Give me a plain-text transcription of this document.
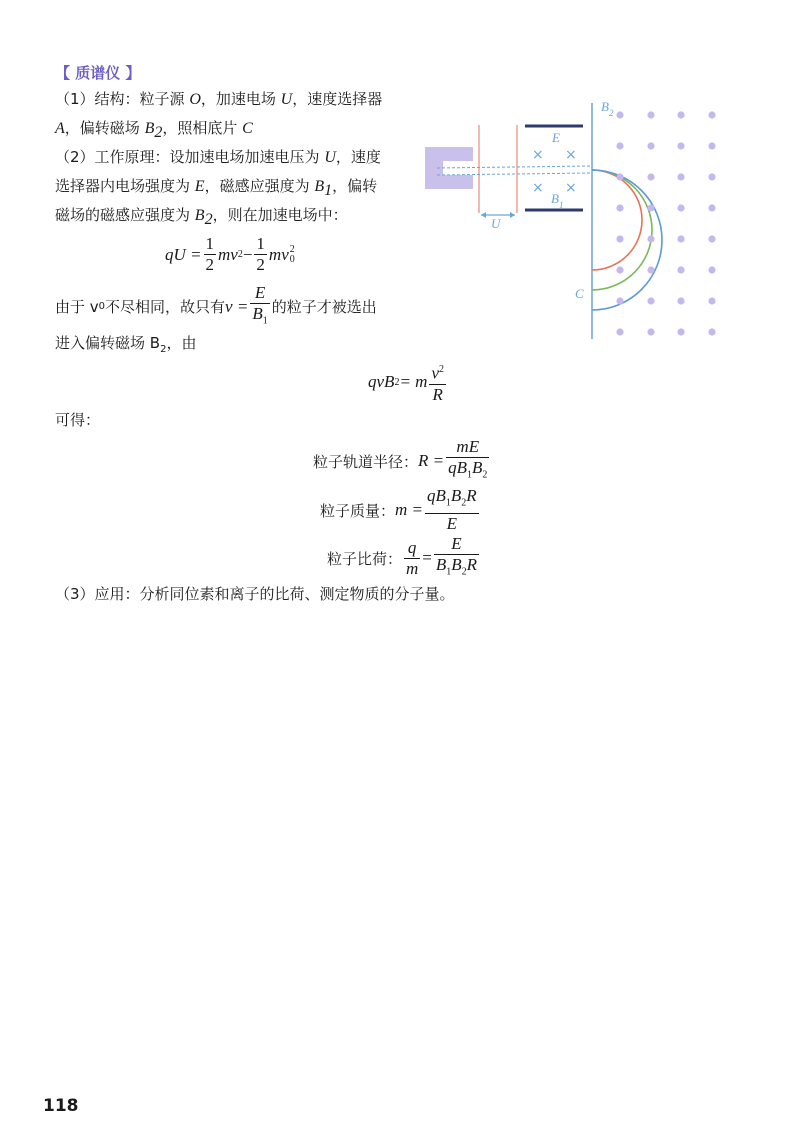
【 质谱仪 】
（1）结构：粒子源 O，加速电场 U，速度选择器
A，偏转磁场 $B_2$，照相底片 C
（2）工作原理：设加速电场加速电压为 U，速度
选择器内电场强度为 E，磁感应强度为 $B_1$，偏转
磁场的磁感应强度为 $B_2$，则在加速电场中：
qU = $\frac{1}{2}$ mv $2 - \frac{1}{2}$ mv 2
0
由于 v 0 不尽相同，故只有 $v = \frac{E}{B_1}$ 的粒子才被选出
进入偏转磁场 $B_2$，由
qvB 2 = m $\frac{v^2}{R}$
可得：
粒子轨道半径： $R = \frac{mE}{qB_1B_2}$
粒子质量： $m = \frac{qB_1B_2R}{E}$
粒子比荷： $\frac{q}{m} = \frac{E}{B_1B_2R}$
（3）应用：分析同位素和离子的比荷、测定物质的分子量。
U
E
$B_1$
× ×
× ×
$B_2$
C
118
